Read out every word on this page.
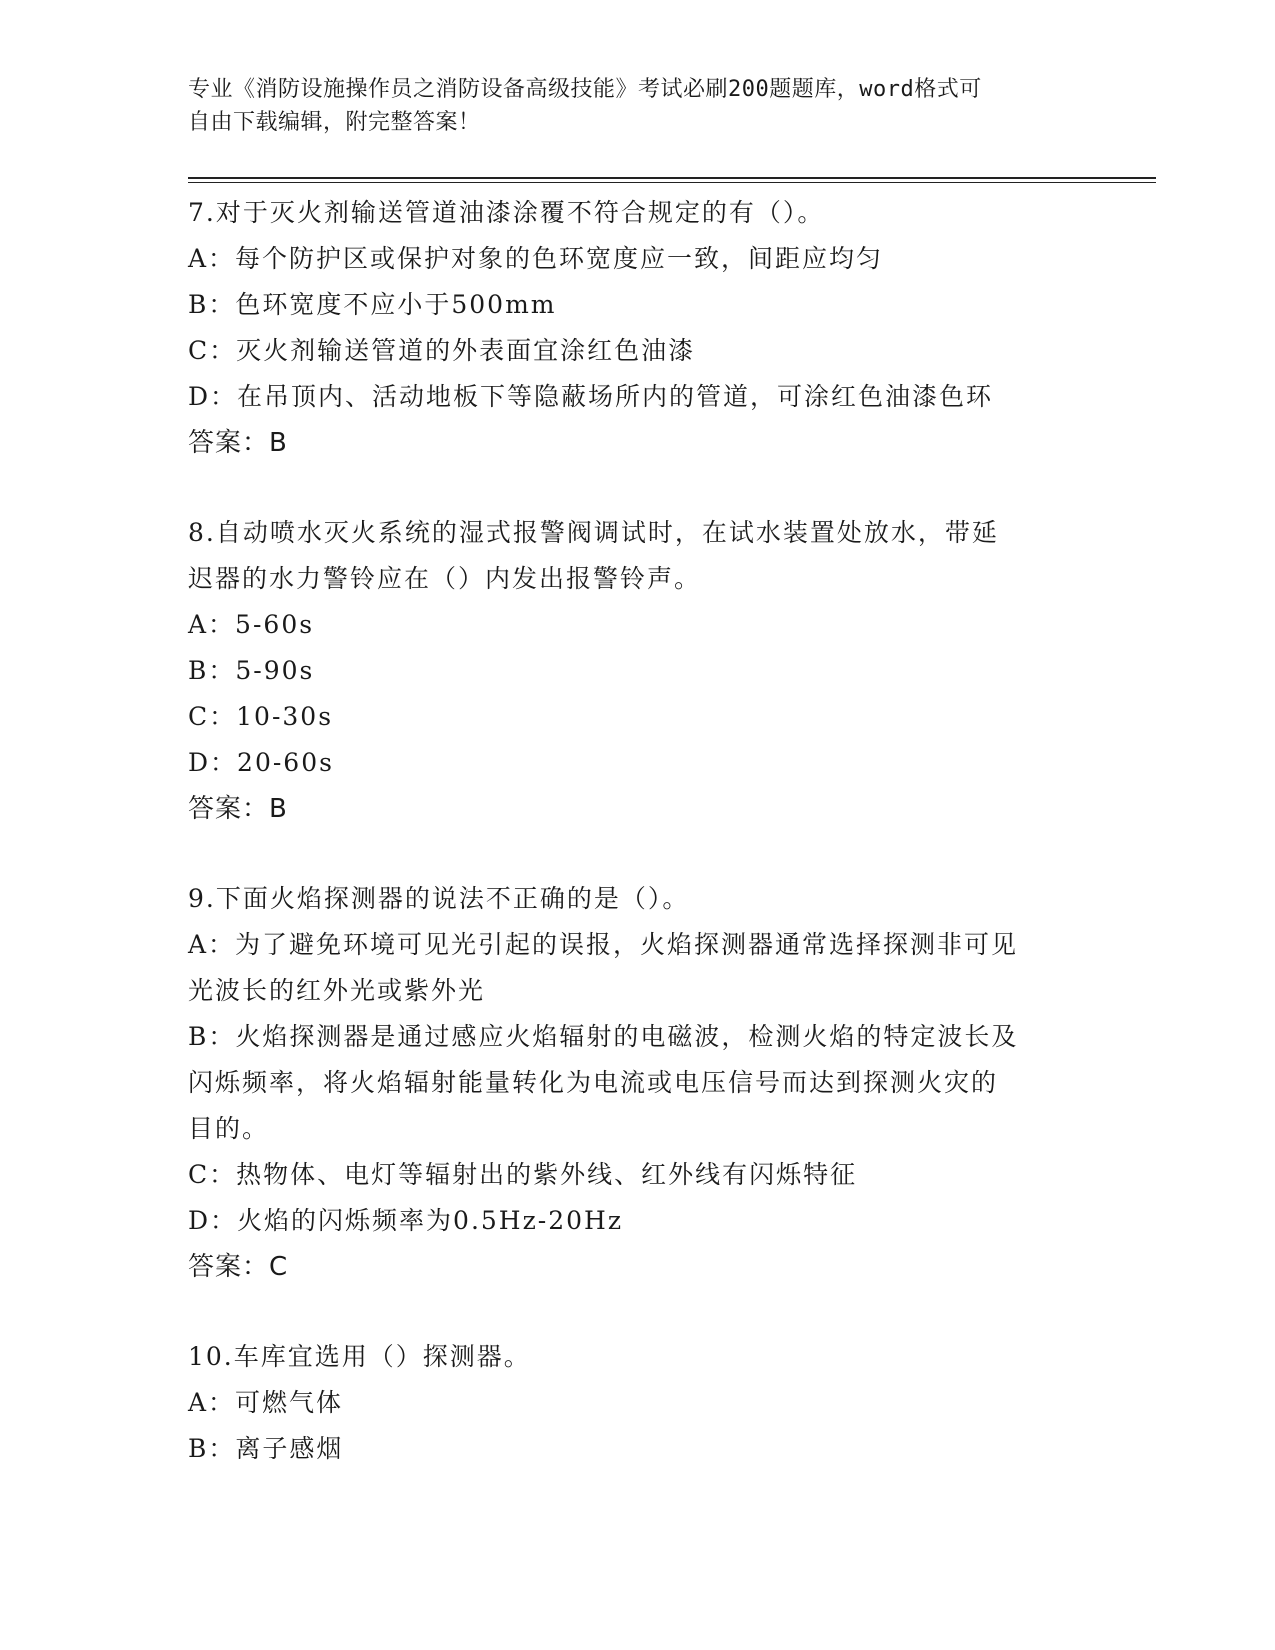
专业《消防设施操作员之消防设备高级技能》考试必刷200题题库，word格式可
自由下载编辑，附完整答案！
7.对于灭火剂输送管道油漆涂覆不符合规定的有（）。
A：每个防护区或保护对象的色环宽度应一致，间距应均匀
B：色环宽度不应小于500mm
C：灭火剂输送管道的外表面宜涂红色油漆
D：在吊顶内、活动地板下等隐蔽场所内的管道，可涂红色油漆色环
答案：B
8.自动喷水灭火系统的湿式报警阀调试时，在试水装置处放水，带延
迟器的水力警铃应在（）内发出报警铃声。
A：5-60s
B：5-90s
C：10-30s
D：20-60s
答案：B
9.下面火焰探测器的说法不正确的是（）。
A：为了避免环境可见光引起的误报，火焰探测器通常选择探测非可见
光波长的红外光或紫外光
B：火焰探测器是通过感应火焰辐射的电磁波，检测火焰的特定波长及
闪烁频率，将火焰辐射能量转化为电流或电压信号而达到探测火灾的
目的。
C：热物体、电灯等辐射出的紫外线、红外线有闪烁特征
D：火焰的闪烁频率为0.5Hz-20Hz
答案：C
10.车库宜选用（）探测器。
A：可燃气体
B：离子感烟
